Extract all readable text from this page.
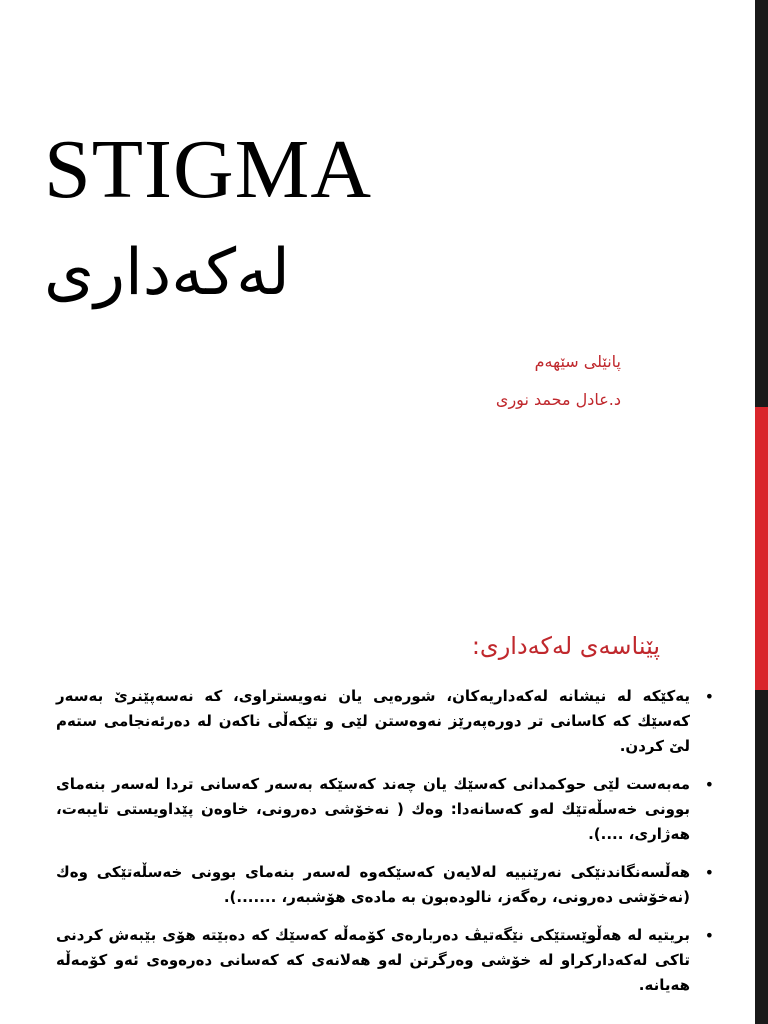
STIGMA
لەکەداری
پانێلی سێهەم
د.عادل محمد نوری
پێناسەی لەکەداری:
•
یەکێکە لە نیشانە لەکەداریەکان، شورەیی یان نەویستراوی، کە نەسەپێنرێ بەسەر کەسێك کە کاسانی تر دورەپەرێز نەوەستن لێی و تێکەڵی ناکەن لە دەرئەنجامی ستەم لێ کردن.
•
مەبەست لێی حوکمدانی کەسێك یان چەند کەسێکە بەسەر کەسانی تردا لەسەر بنەمای بوونی خەسڵەتێك لەو کەسانەدا: وەك ( نەخۆشی دەرونی، خاوەن پێداویستی تایبەت، هەژاری، ....).
•
هەڵسەنگاندنێکی نەرێنییە لەلایەن کەسێکەوە لەسەر بنەمای بوونی خەسڵەتێکی وەك (نەخۆشی دەرونی، رەگەز، نالودەبون بە مادەی هۆشبەر، .......).
•
بریتیە لە هەڵوێستێکی نێگەتیڤ دەربارەی کۆمەڵە کەسێك کە دەبێتە هۆی بێبەش کردنی تاکی لەکەدارکراو لە خۆشی وەرگرتن لەو هەلانەی کە کەسانی دەرەوەی ئەو کۆمەڵە هەیانە.
